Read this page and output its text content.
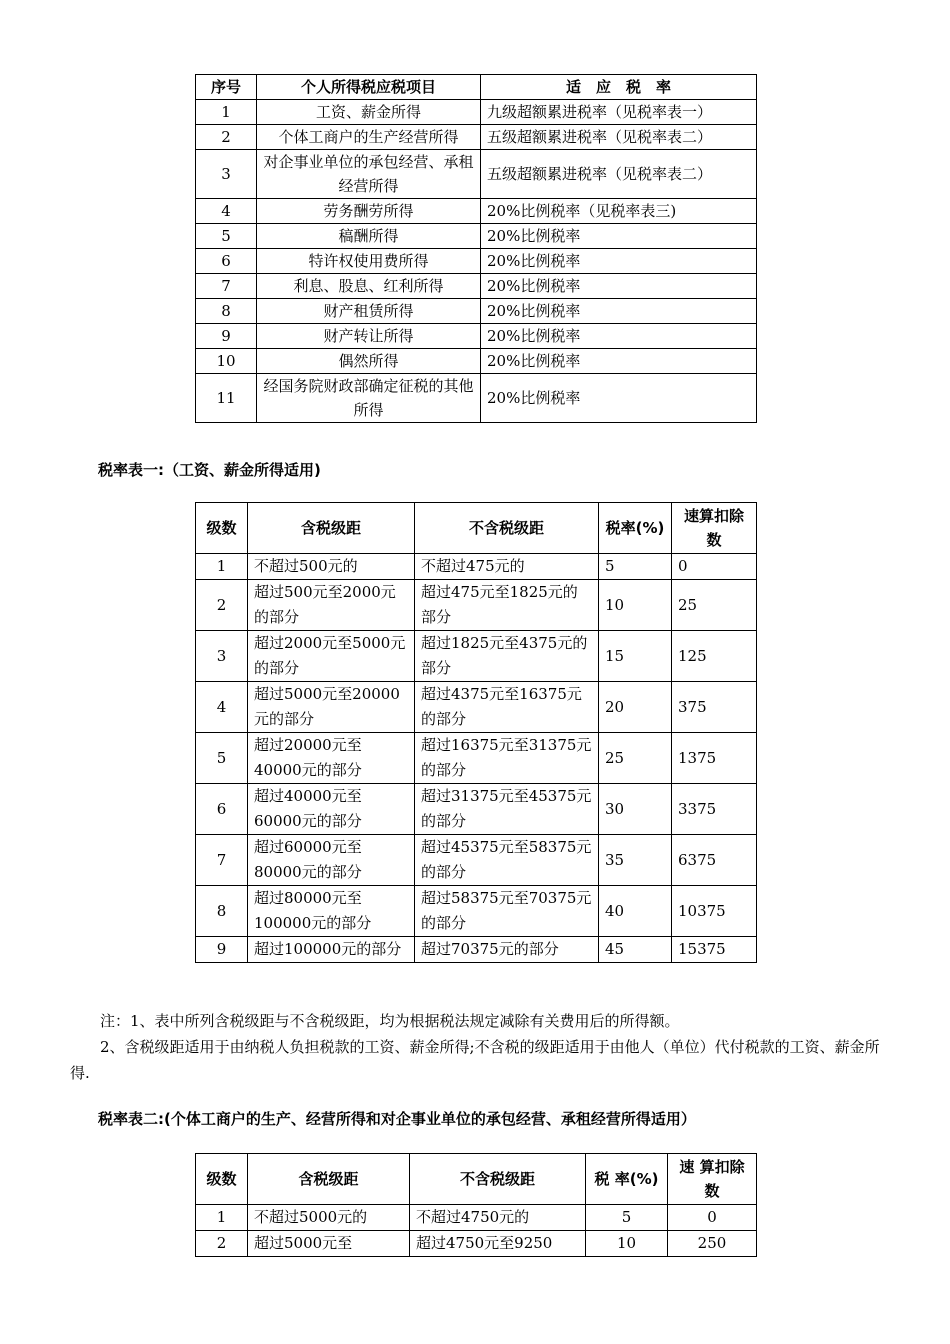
序号	个人所得税应税项目	适　应　税　率
1	工资、薪金所得	九级超额累进税率（见税率表一）
2	个体工商户的生产经营所得	五级超额累进税率（见税率表二）
3	对企事业单位的承包经营、承租经营所得	五级超额累进税率（见税率表二）
4	劳务酬劳所得	20%比例税率（见税率表三)
5	稿酬所得	20%比例税率
6	特许权使用费所得	20%比例税率
7	利息、股息、红利所得	20%比例税率
8	财产租赁所得	20%比例税率
9	财产转让所得	20%比例税率
10	偶然所得	20%比例税率
11	经国务院财政部确定征税的其他所得	20%比例税率
税率表一:（工资、薪金所得适用)
级数	含税级距	不含税级距	税率(%)	速算扣除数
1	不超过500元的	不超过475元的	5	0
2	超过500元至2000元的部分	超过475元至1825元的部分	10	25
3	超过2000元至5000元的部分	超过1825元至4375元的部分	15	125
4	超过5000元至20000元的部分	超过4375元至16375元的部分	20	375
5	超过20000元至40000元的部分	超过16375元至31375元的部分	25	1375
6	超过40000元至60000元的部分	超过31375元至45375元的部分	30	3375
7	超过60000元至80000元的部分	超过45375元至58375元的部分	35	6375
8	超过80000元至100000元的部分	超过58375元至70375元的部分	40	10375
9	超过100000元的部分	超过70375元的部分	45	15375
注：1、表中所列含税级距与不含税级距，均为根据税法规定减除有关费用后的所得额。
2、含税级距适用于由纳税人负担税款的工资、薪金所得;不含税的级距适用于由他人（单位）代付税款的工资、薪金所得.
税率表二:(个体工商户的生产、经营所得和对企事业单位的承包经营、承租经营所得适用）
级数	含税级距	不含税级距	税 率(%)	速 算扣除数
1	不超过5000元的	不超过4750元的	5	0
2	超过5000元至	超过4750元至9250	10	250
